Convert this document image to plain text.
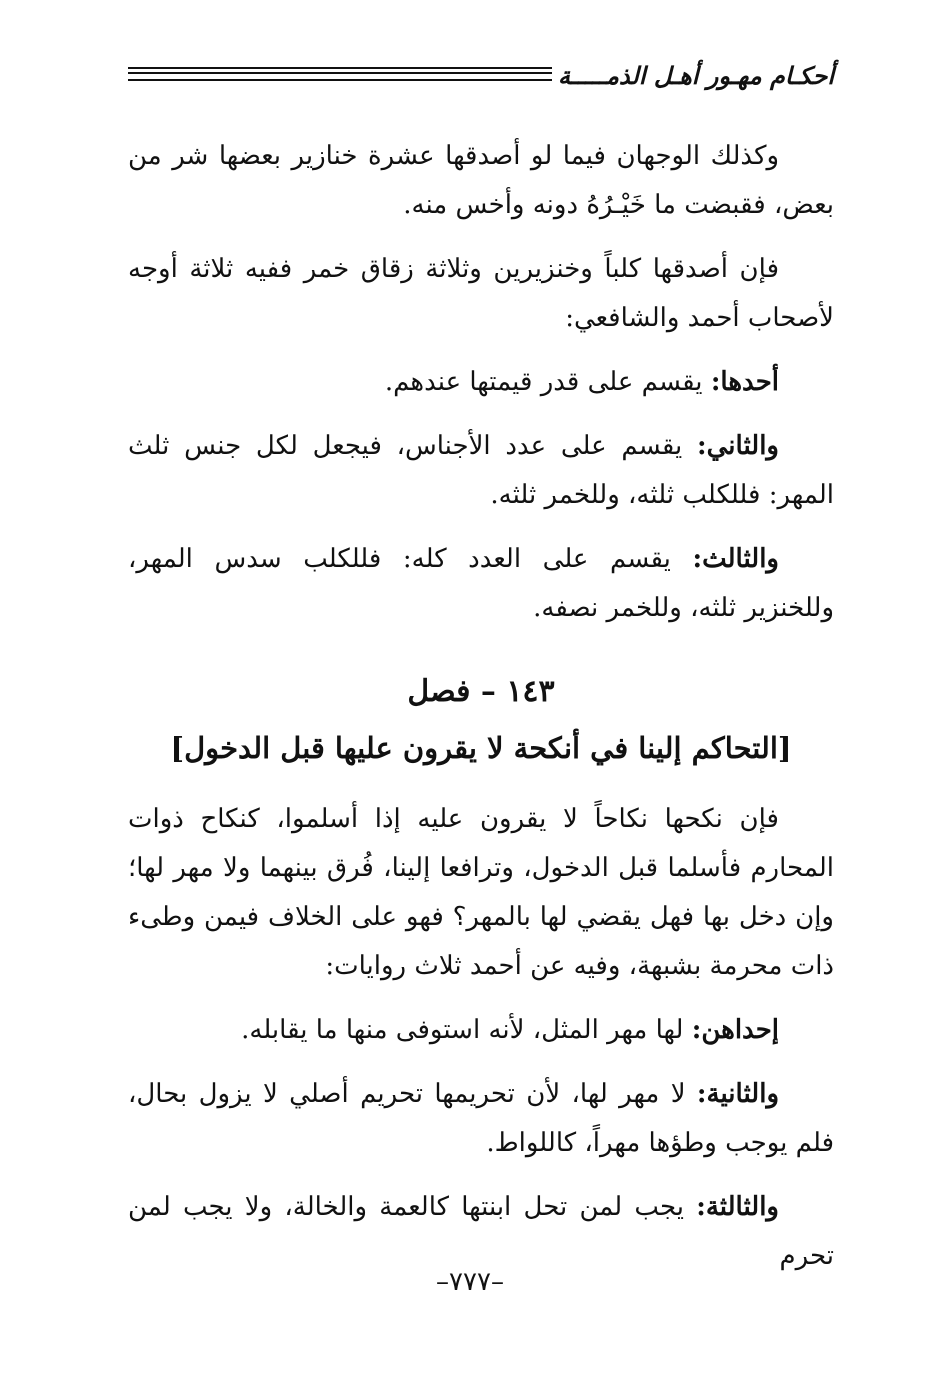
أحكـام مهـور أهـل الذمـــــة

وكذلك الوجهان فيما لو أصدقها عشرة خنازير بعضها شر من بعض، فقبضت ما خَيْـرُهُ دونه وأخس منه.

فإن أصدقها كلباً وخنزيرين وثلاثة زقاق خمر ففيه ثلاثة أوجه لأصحاب أحمد والشافعي:

أحدها: يقسم على قدر قيمتها عندهم.

والثاني: يقسم على عدد الأجناس، فيجعل لكل جنس ثلث المهر: فللكلب ثلثه، وللخمر ثلثه.

والثالث: يقسم على العدد كله: فللكلب سدس المهر، وللخنزير ثلثه، وللخمر نصفه.

١٤٣ – فصل
[التحاكم إلينا في أنكحة لا يقرون عليها قبل الدخول]

فإن نكحها نكاحاً لا يقرون عليه إذا أسلموا، كنكاح ذوات المحارم فأسلما قبل الدخول، وترافعا إلينا، فُرق بينهما ولا مهر لها؛ وإن دخل بها فهل يقضي لها بالمهر؟ فهو على الخلاف فيمن وطىء ذات محرمة بشبهة، وفيه عن أحمد ثلاث روايات:

إحداهن: لها مهر المثل، لأنه استوفى منها ما يقابله.

والثانية: لا مهر لها، لأن تحريمها تحريم أصلي لا يزول بحال، فلم يوجب وطؤها مهراً، كاللواط.

والثالثة: يجب لمن تحل ابنتها كالعمة والخالة، ولا يجب لمن تحرم

–٧٧٧–
